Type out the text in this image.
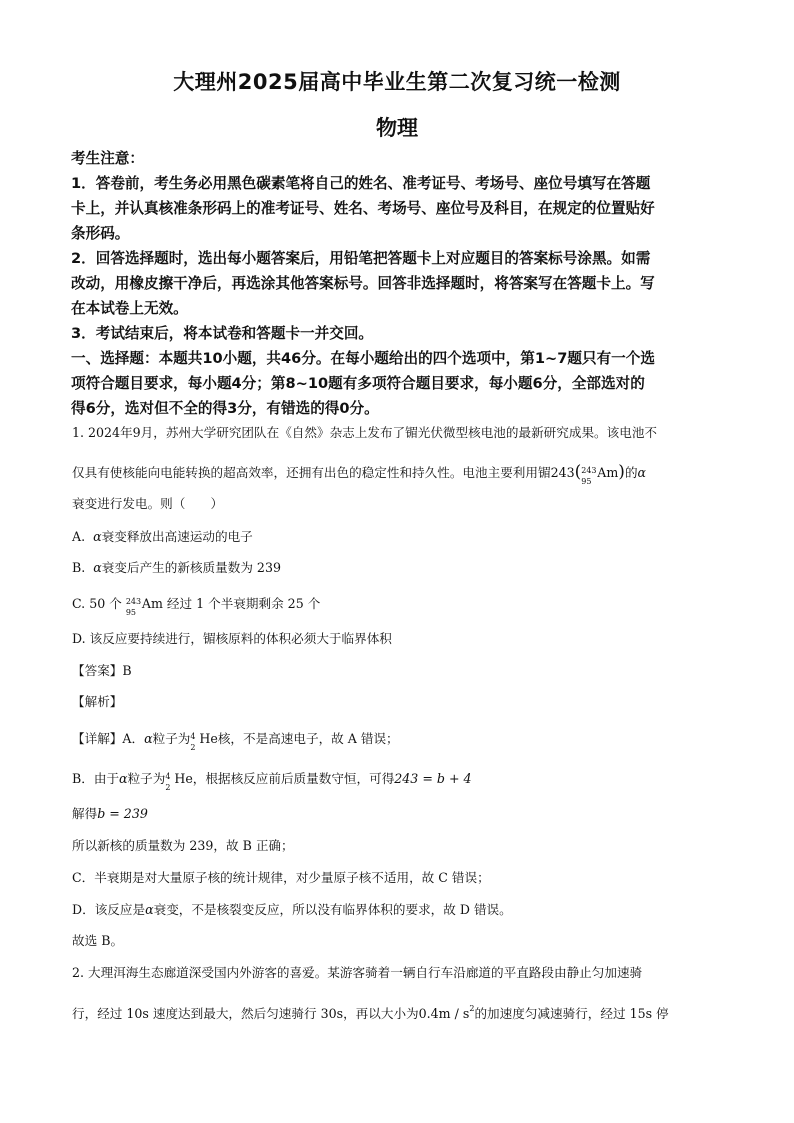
大理州2025届高中毕业生第二次复习统一检测
物理
考生注意：
1．答卷前，考生务必用黑色碳素笔将自己的姓名、准考证号、考场号、座位号填写在答题
卡上，并认真核准条形码上的准考证号、姓名、考场号、座位号及科目，在规定的位置贴好
条形码。
2．回答选择题时，选出每小题答案后，用铅笔把答题卡上对应题目的答案标号涂黑。如需
改动，用橡皮擦干净后，再选涂其他答案标号。回答非选择题时，将答案写在答题卡上。写
在本试卷上无效。
3．考试结束后，将本试卷和答题卡一并交回。
一、选择题：本题共10小题，共46分。在每小题给出的四个选项中，第1~7题只有一个选
项符合题目要求，每小题4分；第8~10题有多项符合题目要求，每小题6分，全部选对的
得6分，选对但不全的得3分，有错选的得0分。
1. 2024年9月，苏州大学研究团队在《自然》杂志上发布了镅光伏微型核电池的最新研究成果。该电池不
仅具有使核能向电能转换的超高效率，还拥有出色的稳定性和持久性。电池主要利用镅243( 243
95
Am)的α
衰变进行发电。则（　　）
A. α衰变释放出高速运动的电子
B. α衰变后产生的新核质量数为 239
C. 50 个 243
95
Am 经过 1 个半衰期剩余 25 个
D. 该反应要持续进行，镅核原料的体积必须大于临界体积
【答案】B
【解析】
【详解】A．α粒子为 4
2
He核，不是高速电子，故 A 错误；
B．由于α粒子为 4
2
He，根据核反应前后质量数守恒，可得243 = b + 4
解得b = 239
所以新核的质量数为 239，故 B 正确；
C．半衰期是对大量原子核的统计规律，对少量原子核不适用，故 C 错误；
D．该反应是α衰变，不是核裂变反应，所以没有临界体积的要求，故 D 错误。
故选 B。
2. 大理洱海生态廊道深受国内外游客的喜爱。某游客骑着一辆自行车沿廊道的平直路段由静止匀加速骑
行，经过 10s 速度达到最大，然后匀速骑行 30s，再以大小为$0.4m / s^2$的加速度匀减速骑行，经过 15s 停
